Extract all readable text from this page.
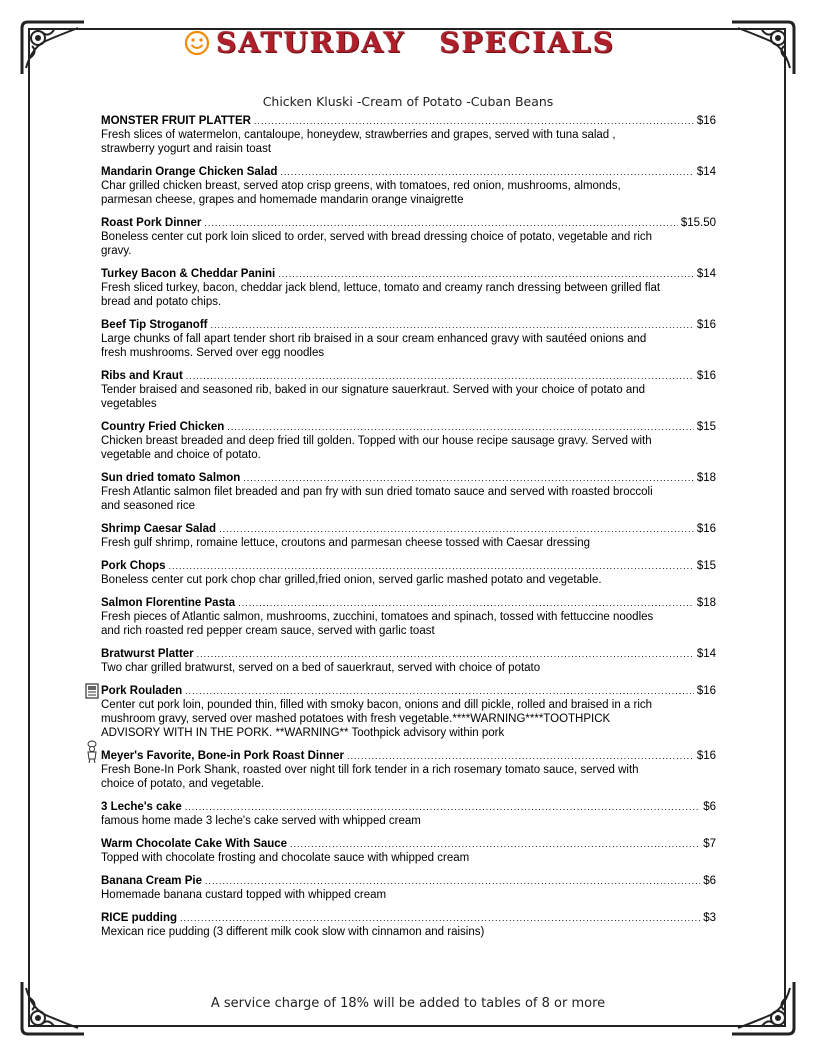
SATURDAY SPECIALS
Chicken Kluski -Cream of Potato -Cuban Beans
MONSTER FRUIT PLATTER .....	$16
Fresh slices of watermelon, cantaloupe, honeydew, strawberries and grapes, served with tuna salad , strawberry yogurt and raisin toast
Mandarin Orange Chicken Salad .....	$14
Char grilled chicken breast, served atop crisp greens, with tomatoes, red onion, mushrooms, almonds, parmesan cheese, grapes and homemade mandarin orange vinaigrette
Roast Pork Dinner .....	$15.50
Boneless center cut pork loin sliced to order, served with bread dressing choice of potato, vegetable and rich gravy.
Turkey Bacon & Cheddar Panini .....	$14
Fresh sliced turkey, bacon, cheddar jack blend, lettuce, tomato and creamy ranch dressing between grilled flat bread and potato chips.
Beef Tip Stroganoff .....	$16
Large chunks of fall apart tender short rib braised in a sour cream enhanced gravy with sautéed onions and fresh mushrooms. Served over egg noodles
Ribs and Kraut .....	$16
Tender braised and seasoned rib, baked in our signature sauerkraut. Served with your choice of potato and vegetables
Country Fried Chicken .....	$15
Chicken breast breaded and deep fried till golden. Topped with our house recipe sausage gravy. Served with vegetable and choice of potato.
Sun dried tomato Salmon .....	$18
Fresh Atlantic salmon filet breaded and pan fry with sun dried tomato sauce and served with roasted broccoli and seasoned rice
Shrimp Caesar Salad .....	$16
Fresh gulf shrimp, romaine lettuce, croutons and parmesan cheese tossed with Caesar dressing
Pork Chops .....	$15
Boneless center cut pork chop char grilled,fried onion, served garlic mashed potato and vegetable.
Salmon Florentine Pasta .....	$18
Fresh pieces of Atlantic salmon, mushrooms, zucchini, tomatoes and spinach, tossed with fettuccine noodles and rich roasted red pepper cream sauce, served with garlic toast
Bratwurst Platter .....	$14
Two char grilled bratwurst, served on a bed of sauerkraut, served with choice of potato
Pork Rouladen .....	$16
Center cut pork loin, pounded thin, filled with smoky bacon, onions and dill pickle, rolled and braised in a rich mushroom gravy, served over mashed potatoes with fresh vegetable.****WARNING****TOOTHPICK ADVISORY WITH IN THE PORK. **WARNING** Toothpick advisory within pork
Meyer's Favorite, Bone-in Pork Roast Dinner .....	$16
Fresh Bone-In Pork Shank, roasted over night till fork tender in a rich rosemary tomato sauce, served with choice of potato, and vegetable.
3 Leche's cake .....	$6
famous home made 3 leche's cake served with whipped cream
Warm Chocolate Cake With Sauce .....	$7
Topped with chocolate frosting and chocolate sauce with whipped cream
Banana Cream Pie .....	$6
Homemade banana custard topped with whipped cream
RICE pudding .....	$3
Mexican rice pudding (3 different milk cook slow with cinnamon and raisins)
A service charge of 18% will be added to tables of 8 or more
